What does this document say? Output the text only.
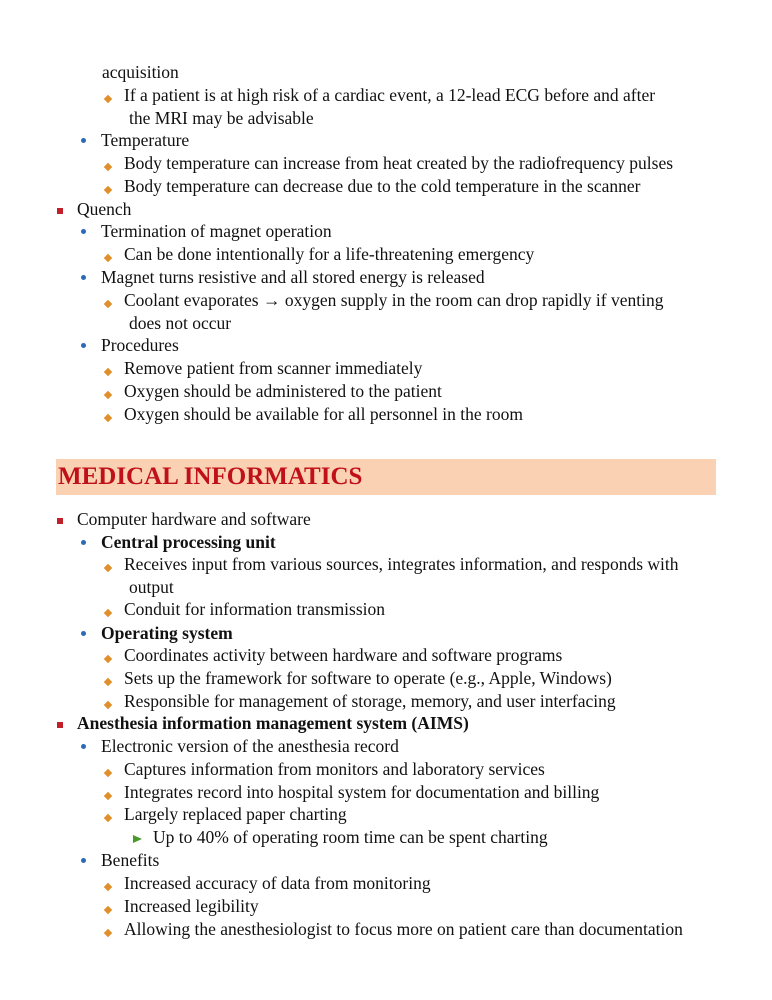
acquisition
If a patient is at high risk of a cardiac event, a 12-lead ECG before and after
the MRI may be advisable
Temperature
Body temperature can increase from heat created by the radiofrequency pulses
Body temperature can decrease due to the cold temperature in the scanner
Quench
Termination of magnet operation
Can be done intentionally for a life-threatening emergency
Magnet turns resistive and all stored energy is released
Coolant evaporates → oxygen supply in the room can drop rapidly if venting
does not occur
Procedures
Remove patient from scanner immediately
Oxygen should be administered to the patient
Oxygen should be available for all personnel in the room
MEDICAL INFORMATICS
Computer hardware and software
Central processing unit
Receives input from various sources, integrates information, and responds with
output
Conduit for information transmission
Operating system
Coordinates activity between hardware and software programs
Sets up the framework for software to operate (e.g., Apple, Windows)
Responsible for management of storage, memory, and user interfacing
Anesthesia information management system (AIMS)
Electronic version of the anesthesia record
Captures information from monitors and laboratory services
Integrates record into hospital system for documentation and billing
Largely replaced paper charting
Up to 40% of operating room time can be spent charting
Benefits
Increased accuracy of data from monitoring
Increased legibility
Allowing the anesthesiologist to focus more on patient care than documentation
